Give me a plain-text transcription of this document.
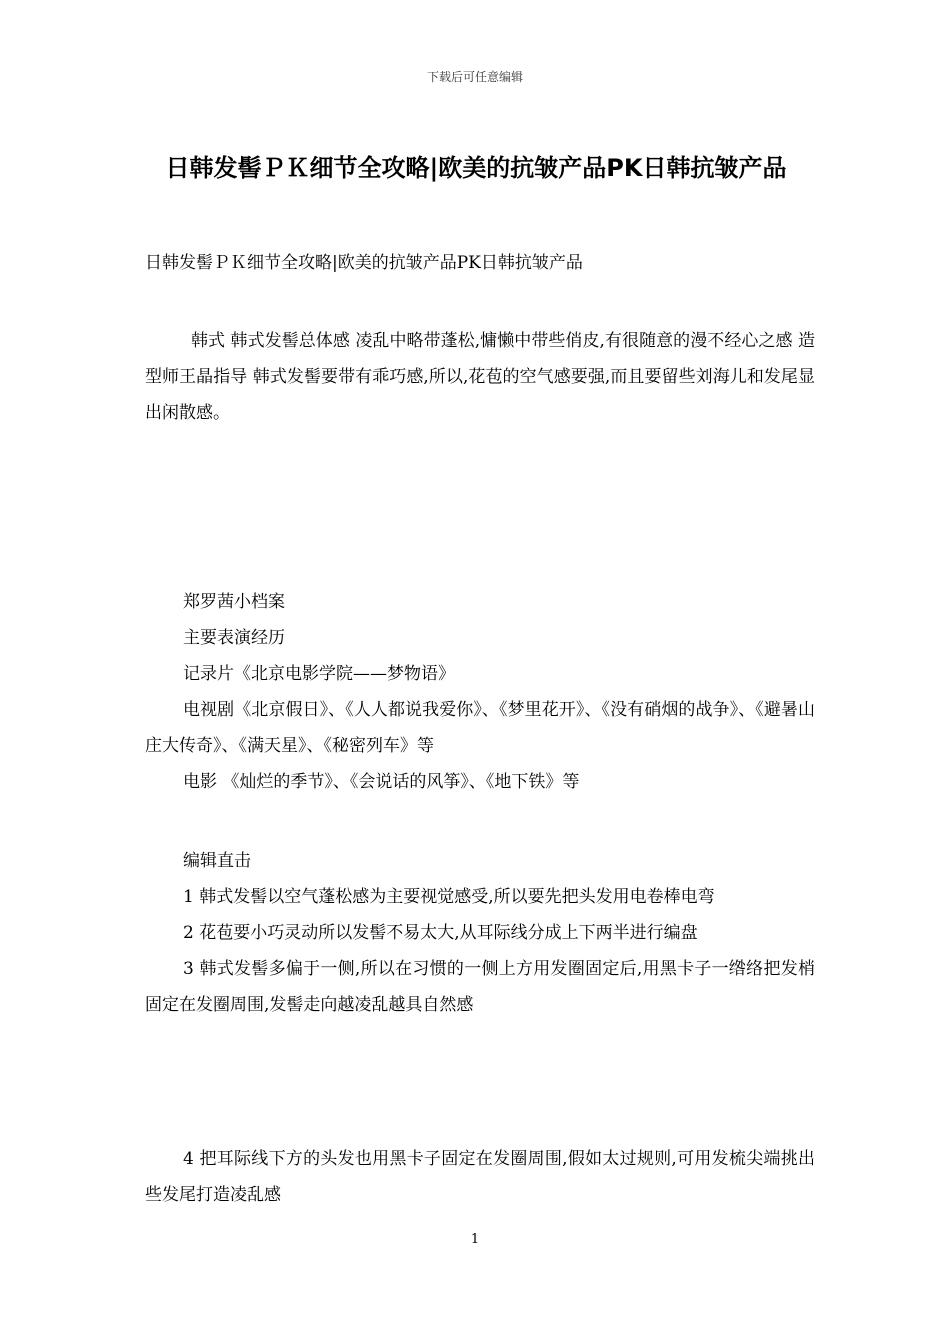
下载后可任意编辑
日韩发髻ＰＫ细节全攻略|欧美的抗皱产品PK日韩抗皱产品

日韩发髻ＰＫ细节全攻略|欧美的抗皱产品PK日韩抗皱产品

韩式 韩式发髻总体感 凌乱中略带蓬松,慵懒中带些俏皮,有很随意的漫不经心之感 造型师王晶指导 韩式发髻要带有乖巧感,所以,花苞的空气感要强,而且要留些刘海儿和发尾显出闲散感。

郑罗茜小档案

主要表演经历

记录片《北京电影学院——梦物语》

电视剧《北京假日》、《人人都说我爱你》、《梦里花开》、《没有硝烟的战争》、《避暑山庄大传奇》、《满天星》、《秘密列车》等

电影 《灿烂的季节》、《会说话的风筝》、《地下铁》等

编辑直击

1 韩式发髻以空气蓬松感为主要视觉感受,所以要先把头发用电卷棒电弯

2 花苞要小巧灵动所以发髻不易太大,从耳际线分成上下两半进行编盘

3 韩式发髻多偏于一侧,所以在习惯的一侧上方用发圈固定后,用黑卡子一绺络把发梢固定在发圈周围,发髻走向越凌乱越具自然感

4 把耳际线下方的头发也用黑卡子固定在发圈周围,假如太过规则,可用发梳尖端挑出些发尾打造凌乱感

1
